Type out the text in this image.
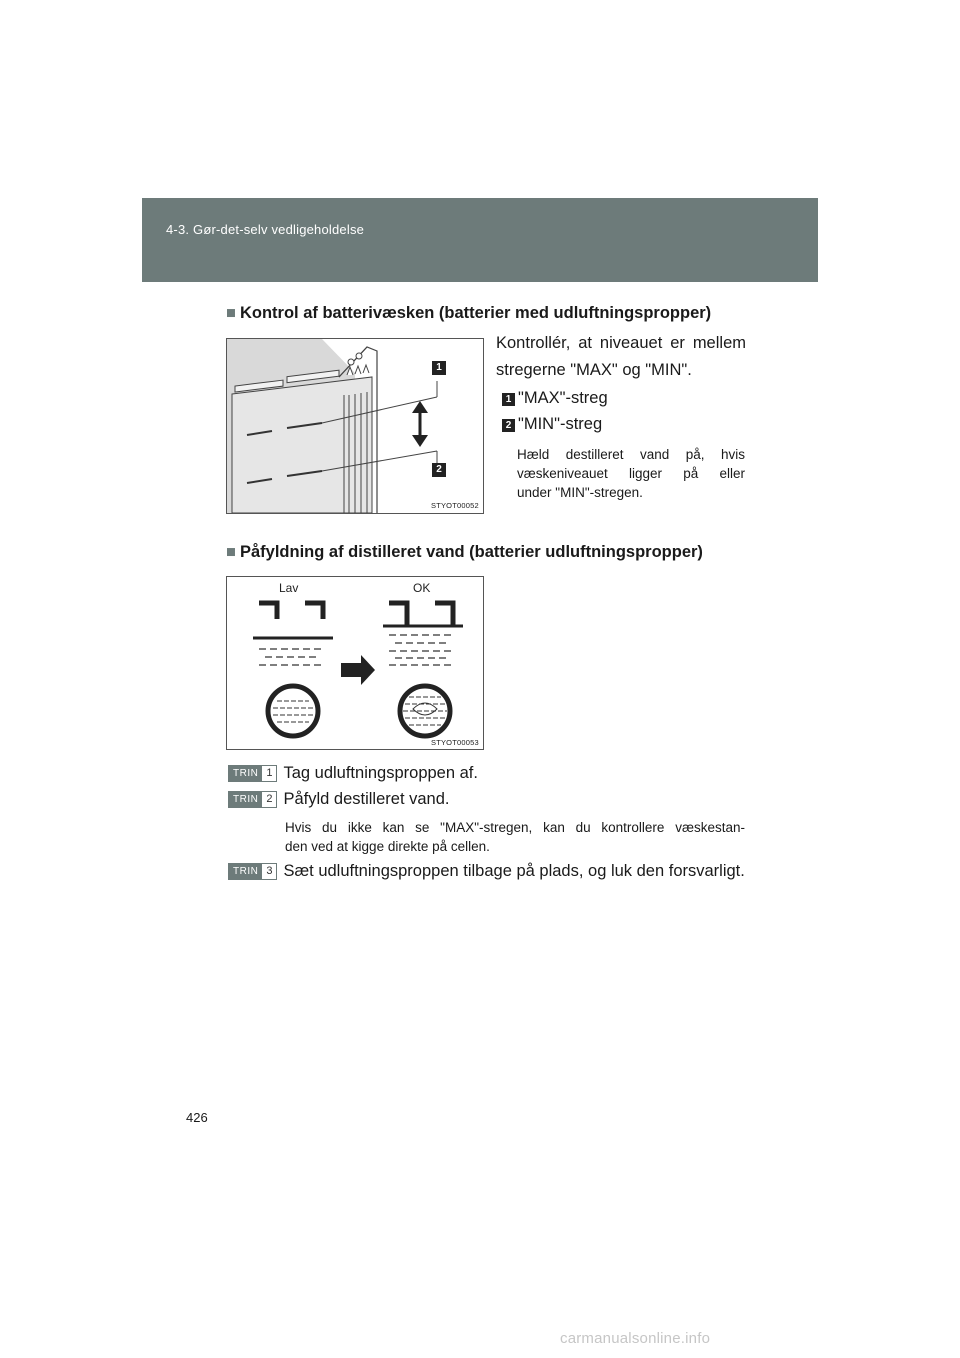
4-3. Gør-det-selv vedligeholdelse
■ Kontrol af batterivæsken (batterier med udluftningspropper)
1
2
STYOT00052
Kontrollér, at niveauet er mellem
stregerne "MAX" og "MIN".
1 "MAX"-streg
2 "MIN"-streg
Hæld destilleret vand på, hvis
væskeniveauet ligger på eller
under "MIN"-stregen.
■ Påfyldning af distilleret vand (batterier udluftningspropper)
Lav	OK
STYOT00053
TRIN 1 Tag udluftningsproppen af.
TRIN 2 Påfyld destilleret vand.
Hvis du ikke kan se "MAX"-stregen, kan du kontrollere væskestan-
den ved at kigge direkte på cellen.
TRIN 3 Sæt udluftningsproppen tilbage på plads, og luk den forsvarligt.
426
carmanualsonline.info
